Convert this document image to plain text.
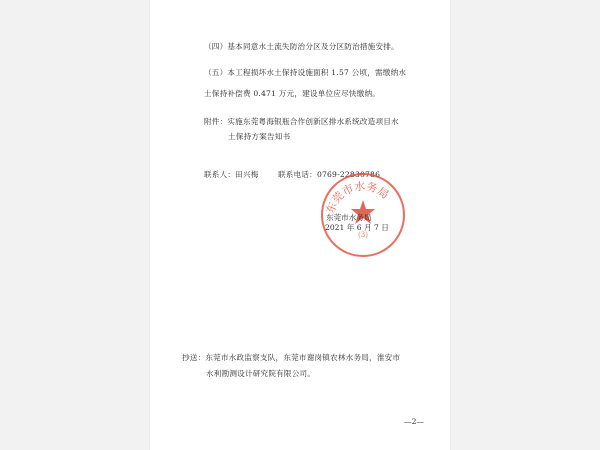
（四）基本同意水土流失防治分区及分区防治措施安排。
（五）本工程损坏水土保持设施面积 1.57 公顷，需缴纳水
土保持补偿费 0.471 万元，建设单位应尽快缴纳。
附件：实施东莞粤海银瓶合作创新区排水系统改造项目水
土保持方案告知书
联系人：田兴梅	联系电话：0769-22830786
东莞市水务局
(3)
东莞市水务局
2021 年 6 月 7 日
抄送：东莞市水政监察支队，东莞市谢岗镇农林水务局，淮安市
水利勘测设计研究院有限公司。
—2—
